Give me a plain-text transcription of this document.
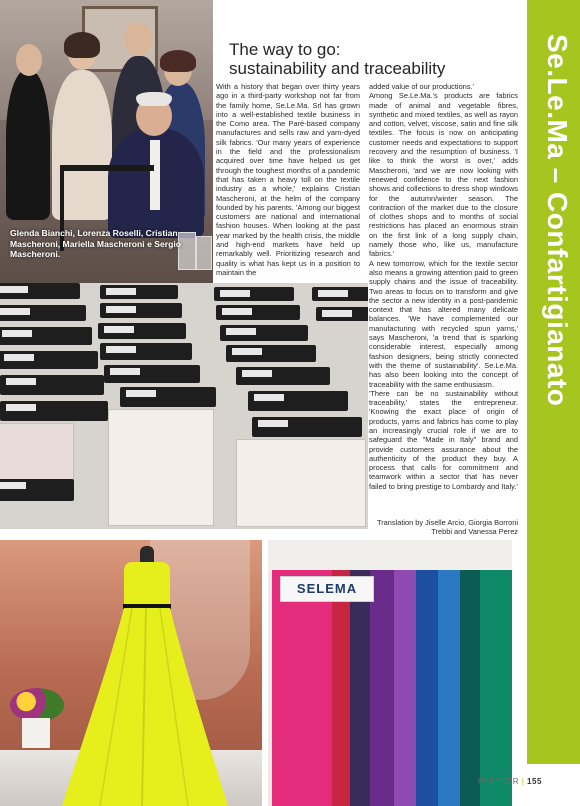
Glenda Bianchi, Lorenza Roselli, Cristian Mascheroni, Mariella Mascheroni e Sergio Mascheroni.
SELEMA
The way to go:
sustainability and traceability

With a history that began over thirty years ago in a third-party workshop not far from the family home, Se.Le.Ma. Srl has grown into a well-established textile business in the Como area. The Paré-based company manufactures and sells raw and yarn-dyed silk fabrics. 'Our many years of experience in the field and the professionalism acquired over time have helped us get through the toughest months of a pandemic that has taken a heavy toll on the textile industry as a whole,' explains Cristian Mascheroni, at the helm of the company founded by his parents. 'Among our biggest customers are national and international fashion houses. When looking at the past year marked by the health crisis, the middle and high-end markets have held up remarkably well. Prioritizing research and quality is what has kept us in a position to maintain the

added value of our productions.'

Among Se.Le.Ma.'s products are fabrics made of animal and vegetable fibres, synthetic and mixed textiles, as well as rayon and cotton, velvet, viscose, satin and fine silk textiles. The focus is now on anticipating customer needs and expectations to support recovery and the resumption of business. 'I like to think the worst is over,' adds Mascheroni, 'and we are now looking with renewed confidence to the next fashion shows and collections to dress shop windows for the autumn/winter season. The contraction of the market due to the closure of clothes shops and to months of social restrictions has placed an enormous strain on the first link of a long supply chain, namely those who, like us, manufacture fabrics.'

A new tomorrow, which for the textile sector also means a growing attention paid to green supply chains and the issue of traceability. Two areas to focus on to transform and give the sector a new identity in a post-pandemic context that has altered many delicate balances. 'We have complemented our manufacturing with recycled spun yarns,' says Mascheroni, 'a trend that is sparking considerable interest, especially among fashion designers, being strictly connected with the theme of sustainability'. Se.Le.Ma. has also been looking into the concept of traceability with the same enthusiasm.

'There can be no sustainability without traceability,' states the entrepreneur. 'Knowing the exact place of origin of products, yarns and fabrics has come to play an increasingly crucial role if we are to safeguard the "Made in Italy" brand and provide customers assurance about the authenticity of the product they buy. A process that calls for commitment and teamwork within a sector that has never failed to bring prestige to Lombardy and Italy.'

Translation by Jiselle Arcio, Giorgia Borroni Trebbi and Vanessa Perez
Se.Le.Ma – Confartigianato
PARTNER | 155
